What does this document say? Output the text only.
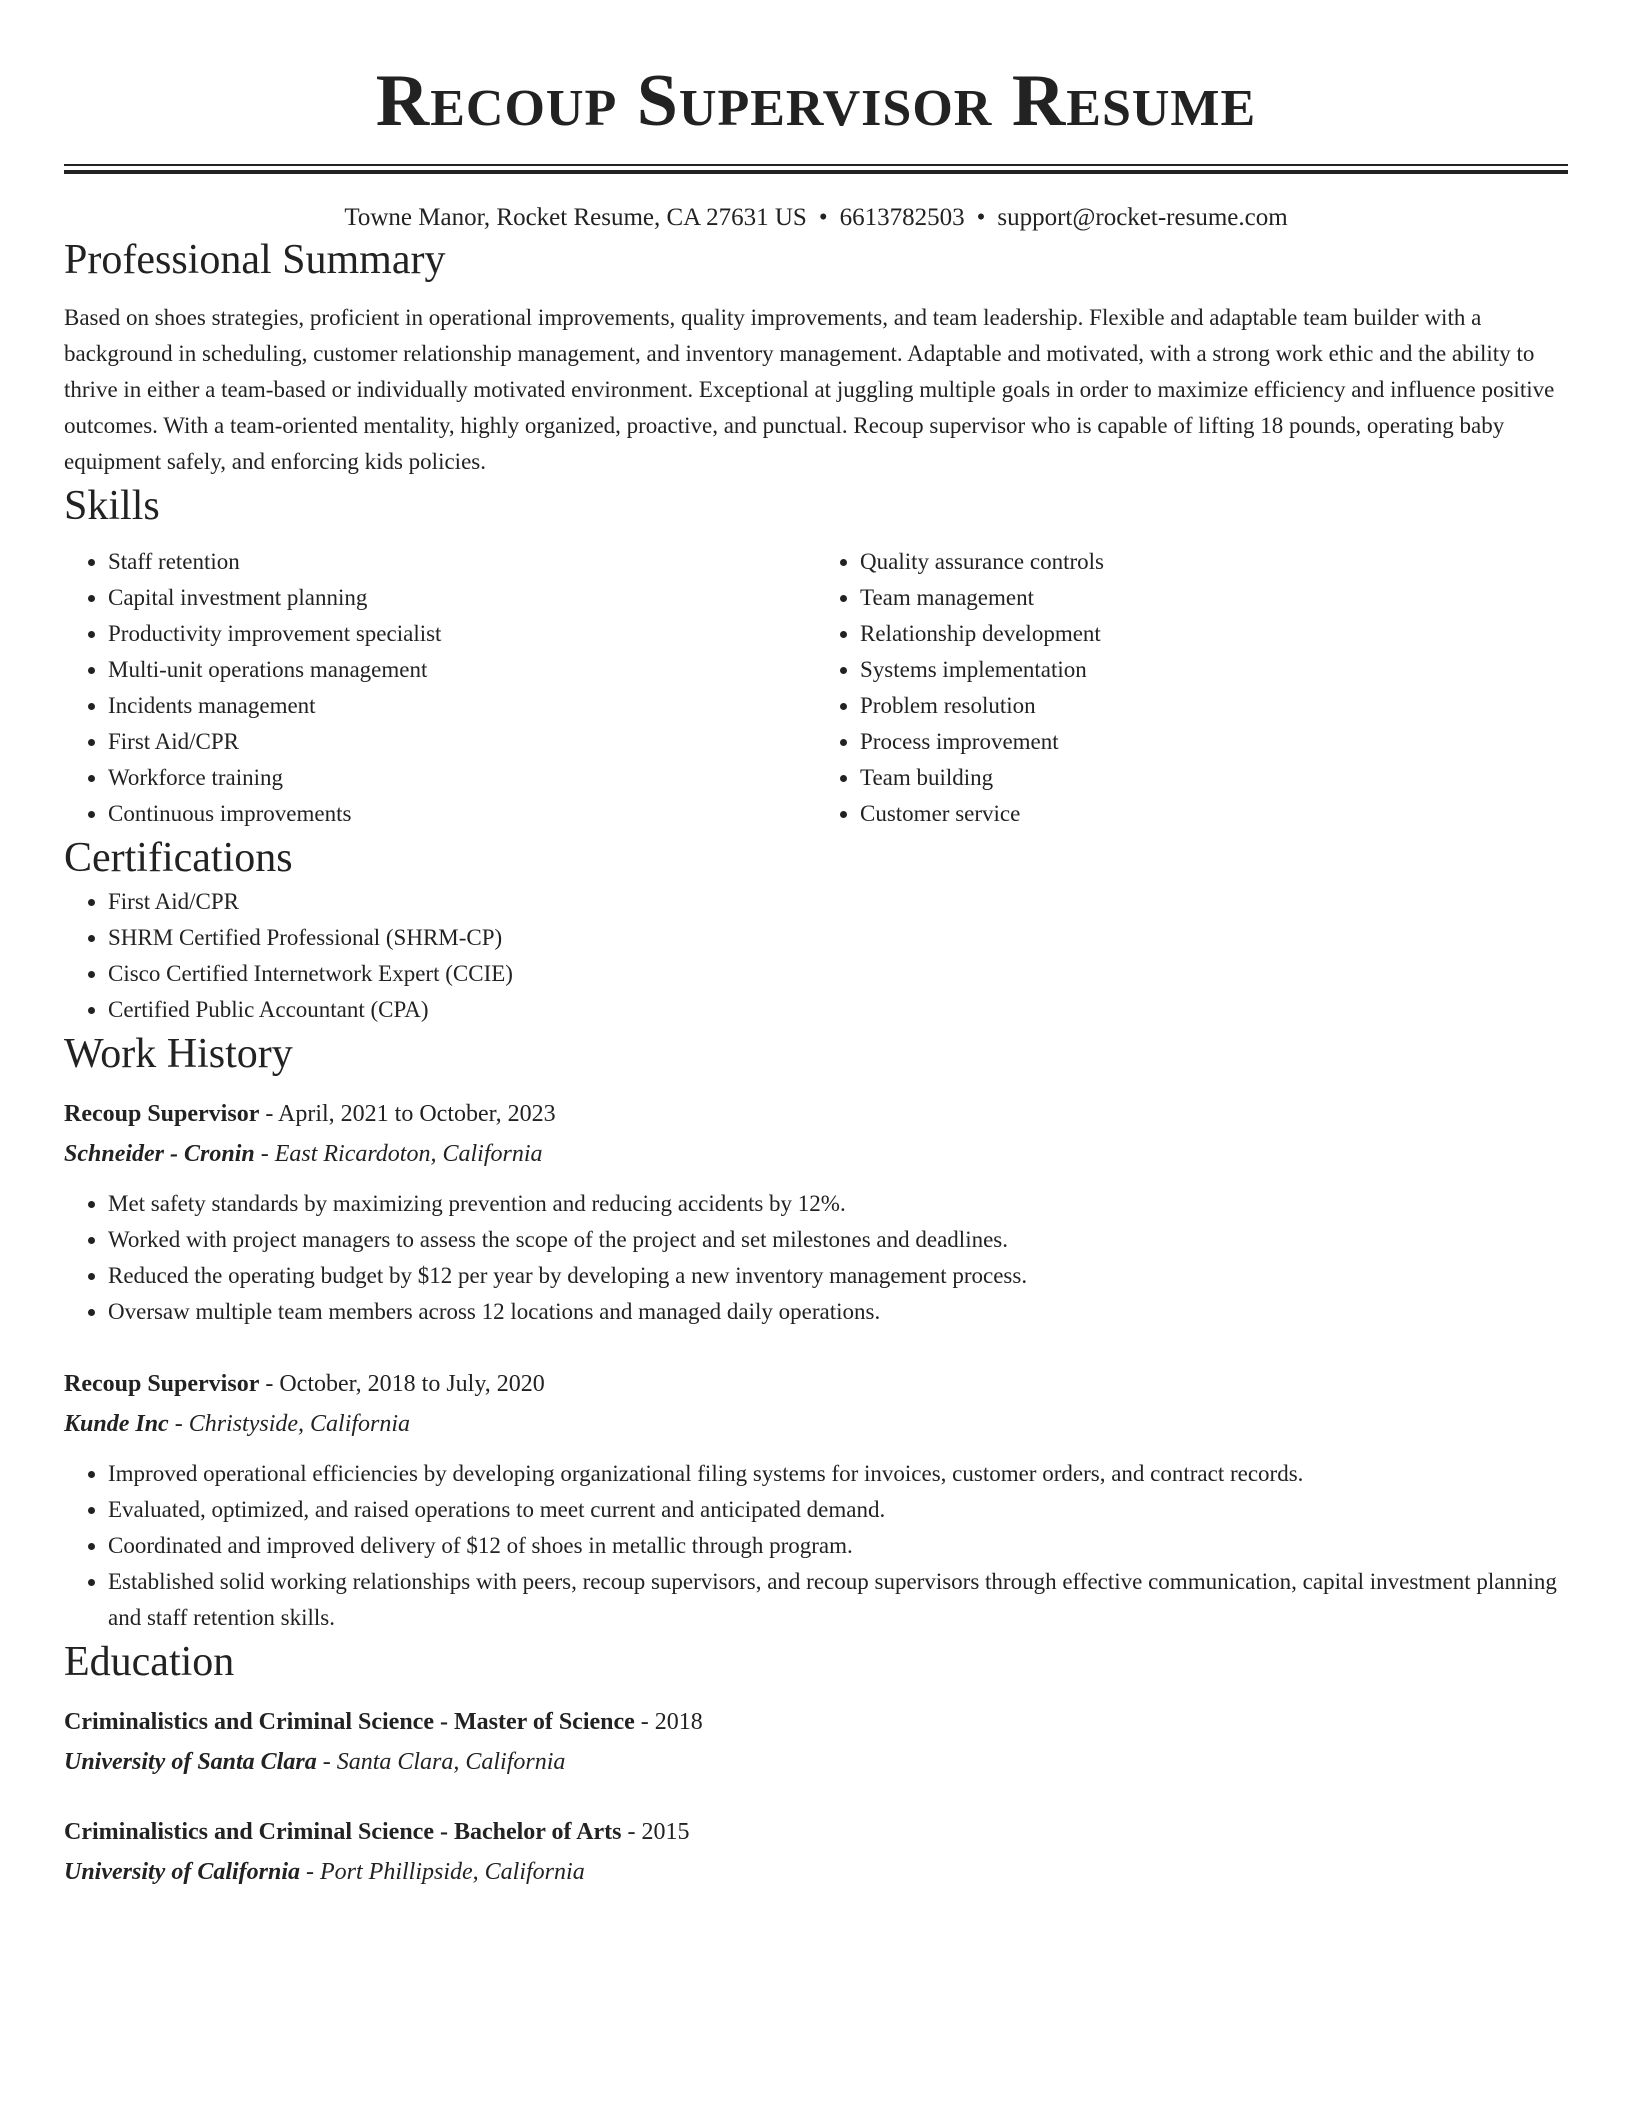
Recoup Supervisor Resume
Towne Manor, Rocket Resume, CA 27631 US • 6613782503 • support@rocket-resume.com
Professional Summary

Based on shoes strategies, proficient in operational improvements, quality improvements, and team leadership. Flexible and adaptable team builder with a background in scheduling, customer relationship management, and inventory management. Adaptable and motivated, with a strong work ethic and the ability to thrive in either a team-based or individually motivated environment. Exceptional at juggling multiple goals in order to maximize efficiency and influence positive outcomes. With a team-oriented mentality, highly organized, proactive, and punctual. Recoup supervisor who is capable of lifting 18 pounds, operating baby equipment safely, and enforcing kids policies.

Skills
• Staff retention
• Capital investment planning
• Productivity improvement specialist
• Multi-unit operations management
• Incidents management
• First Aid/CPR
• Workforce training
• Continuous improvements
• Quality assurance controls
• Team management
• Relationship development
• Systems implementation
• Problem resolution
• Process improvement
• Team building
• Customer service
Certifications
• First Aid/CPR
• SHRM Certified Professional (SHRM-CP)
• Cisco Certified Internetwork Expert (CCIE)
• Certified Public Accountant (CPA)
Work History
Recoup Supervisor - April, 2021 to October, 2023
Schneider - Cronin - East Ricardoton, California
• Met safety standards by maximizing prevention and reducing accidents by 12%.
• Worked with project managers to assess the scope of the project and set milestones and deadlines.
• Reduced the operating budget by $12 per year by developing a new inventory management process.
• Oversaw multiple team members across 12 locations and managed daily operations.
Recoup Supervisor - October, 2018 to July, 2020
Kunde Inc - Christyside, California
• Improved operational efficiencies by developing organizational filing systems for invoices, customer orders, and contract records.
• Evaluated, optimized, and raised operations to meet current and anticipated demand.
• Coordinated and improved delivery of $12 of shoes in metallic through program.
• Established solid working relationships with peers, recoup supervisors, and recoup supervisors through effective communication, capital investment planning and staff retention skills.
Education
Criminalistics and Criminal Science - Master of Science - 2018
University of Santa Clara - Santa Clara, California
Criminalistics and Criminal Science - Bachelor of Arts - 2015
University of California - Port Phillipside, California
